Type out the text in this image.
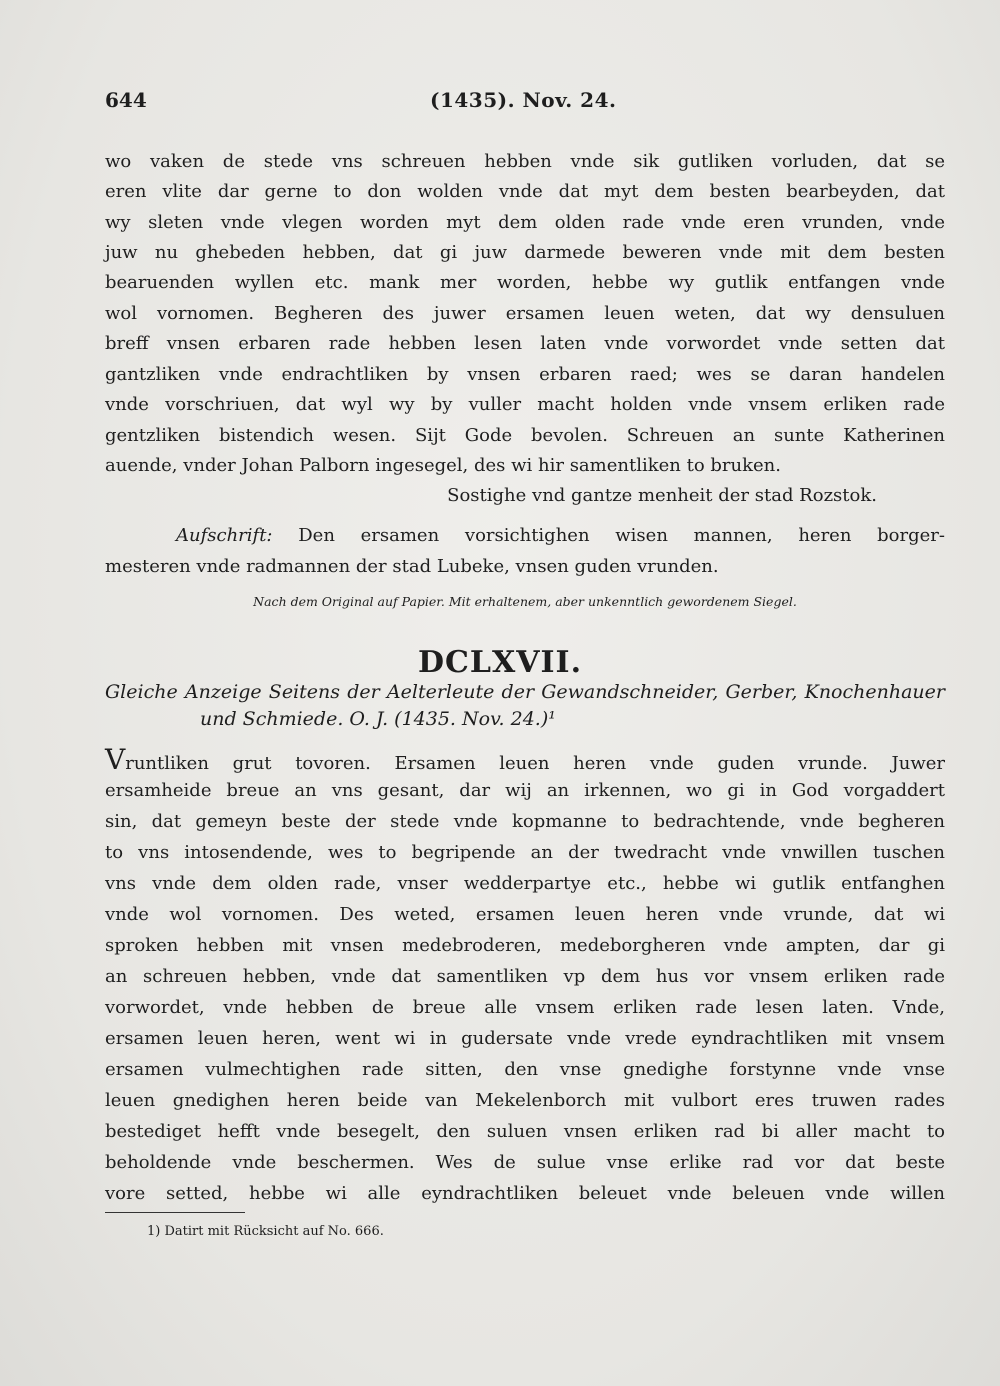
644	(1435). Nov. 24.
wo vaken de stede vns schreuen hebben vnde sik gutliken vorluden, dat se
eren vlite dar gerne to don wolden vnde dat myt dem besten bearbeyden, dat
wy sleten vnde vlegen worden myt dem olden rade vnde eren vrunden, vnde
juw nu ghebeden hebben, dat gi juw darmede beweren vnde mit dem besten
bearuenden wyllen etc. mank mer worden, hebbe wy gutlik entfangen vnde
wol vornomen. Begheren des juwer ersamen leuen weten, dat wy densuluen
breff vnsen erbaren rade hebben lesen laten vnde vorwordet vnde setten dat
gantzliken vnde endrachtliken by vnsen erbaren raed; wes se daran handelen
vnde vorschriuen, dat wyl wy by vuller macht holden vnde vnsem erliken rade
gentzliken bistendich wesen. Sijt Gode bevolen. Schreuen an sunte Katherinen
auende, vnder Johan Palborn ingesegel, des wi hir samentliken to bruken.
Sostighe vnd gantze menheit der stad Rozstok.
Aufschrift: Den ersamen vorsichtighen wisen mannen, heren borger-
mesteren vnde radmannen der stad Lubeke, vnsen guden vrunden.
Nach dem Original auf Papier. Mit erhaltenem, aber unkenntlich gewordenem Siegel.
DCLXVII.
Gleiche Anzeige Seitens der Aelterleute der Gewandschneider, Gerber, Knochenhauer
und Schmiede. O. J. (1435. Nov. 24.)¹
Vruntliken grut tovoren. Ersamen leuen heren vnde guden vrunde. Juwer
ersamheide breue an vns gesant, dar wij an irkennen, wo gi in God vorgaddert
sin, dat gemeyn beste der stede vnde kopmanne to bedrachtende, vnde begheren
to vns intosendende, wes to begripende an der twedracht vnde vnwillen tuschen
vns vnde dem olden rade, vnser wedderpartye etc., hebbe wi gutlik entfanghen
vnde wol vornomen. Des weted, ersamen leuen heren vnde vrunde, dat wi
sproken hebben mit vnsen medebroderen, medeborgheren vnde ampten, dar gi
an schreuen hebben, vnde dat samentliken vp dem hus vor vnsem erliken rade
vorwordet, vnde hebben de breue alle vnsem erliken rade lesen laten. Vnde,
ersamen leuen heren, went wi in gudersate vnde vrede eyndrachtliken mit vnsem
ersamen vulmechtighen rade sitten, den vnse gnedighe forstynne vnde vnse
leuen gnedighen heren beide van Mekelenborch mit vulbort eres truwen rades
bestediget hefft vnde besegelt, den suluen vnsen erliken rad bi aller macht to
beholdende vnde beschermen. Wes de sulue vnse erlike rad vor dat beste
vore setted, hebbe wi alle eyndrachtliken beleuet vnde beleuen vnde willen
1) Datirt mit Rücksicht auf No. 666.
